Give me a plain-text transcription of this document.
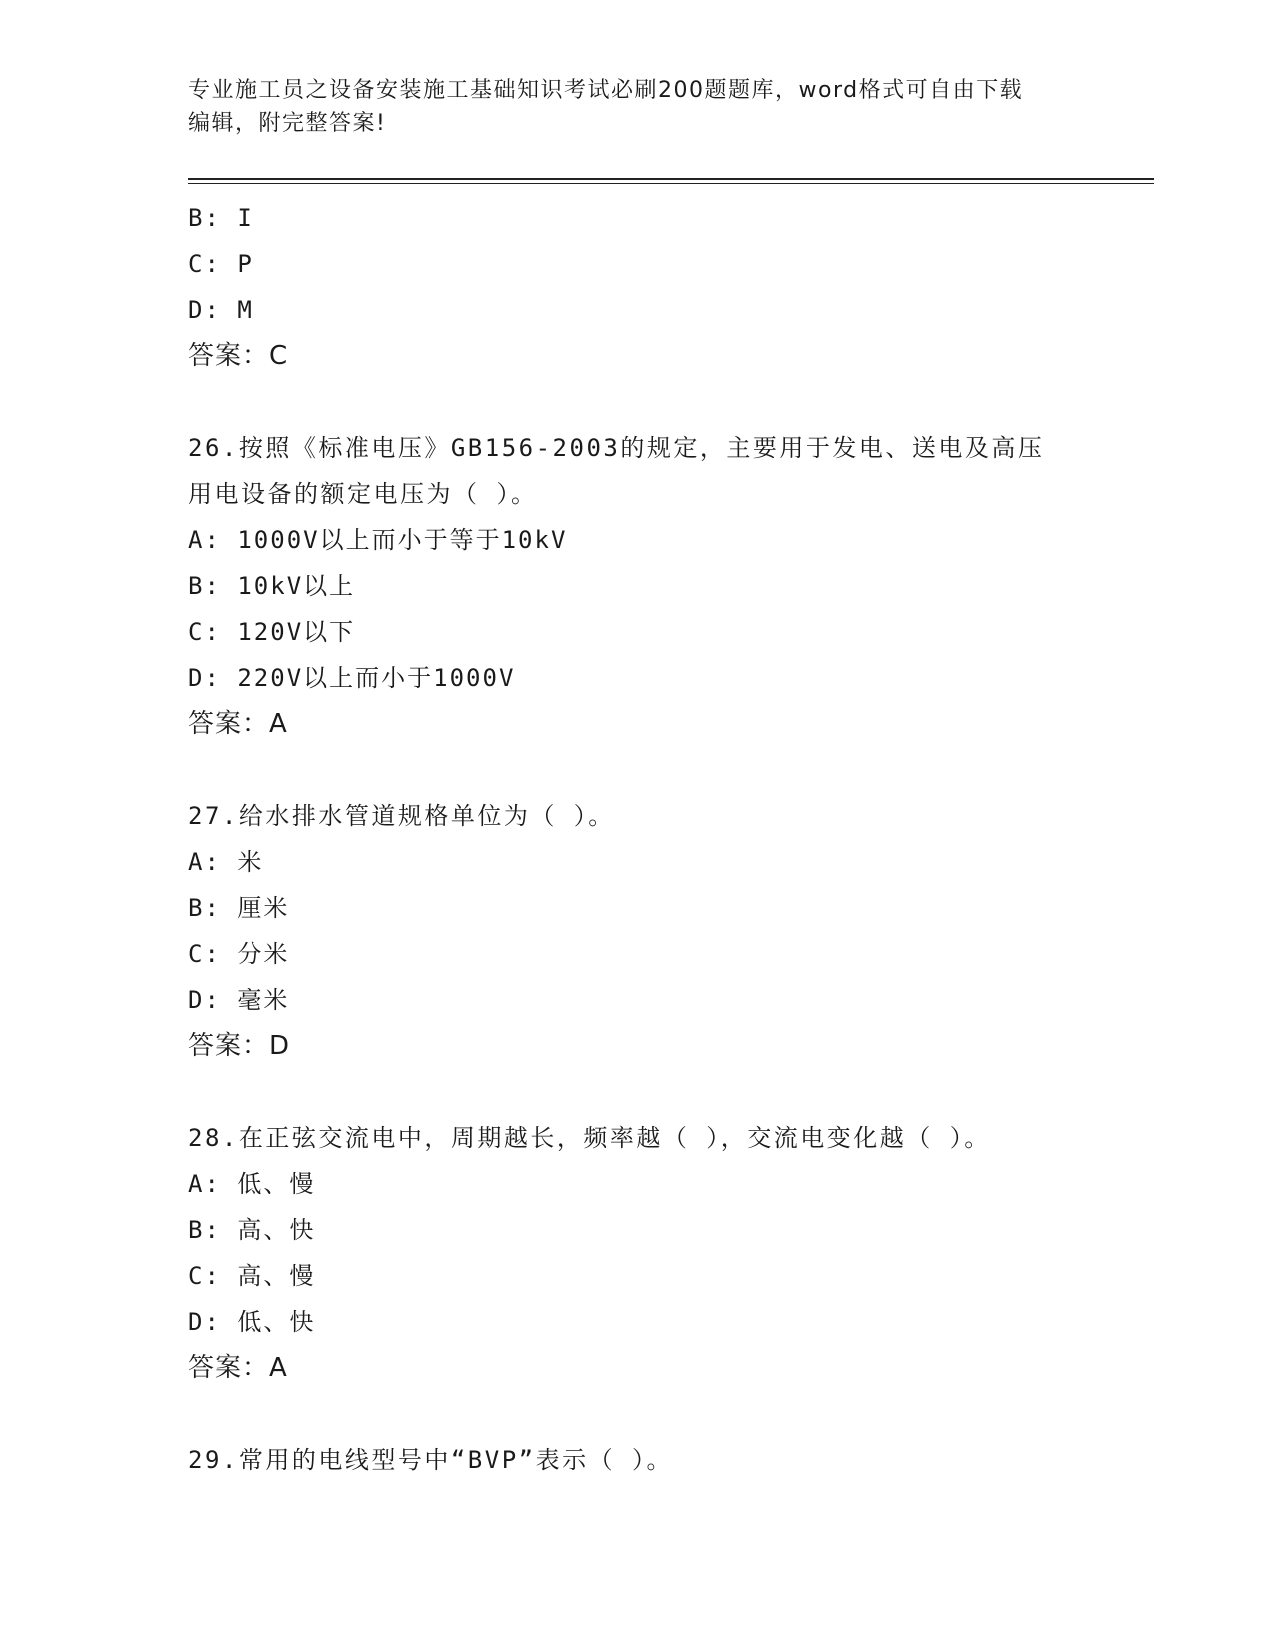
专业施工员之设备安装施工基础知识考试必刷200题题库，word格式可自由下载
编辑，附完整答案!
B: I
C: P
D: M
答案：C
26.按照《标准电压》GB156-2003的规定，主要用于发电、送电及高压
用电设备的额定电压为（ ）。
A: 1000V以上而小于等于10kV
B: 10kV以上
C: 120V以下
D: 220V以上而小于1000V
答案：A
27.给水排水管道规格单位为（ ）。
A: 米
B: 厘米
C: 分米
D: 毫米
答案：D
28.在正弦交流电中，周期越长，频率越（ ），交流电变化越（ ）。
A: 低、慢
B: 高、快
C: 高、慢
D: 低、快
答案：A
29.常用的电线型号中“BVP”表示（ ）。
